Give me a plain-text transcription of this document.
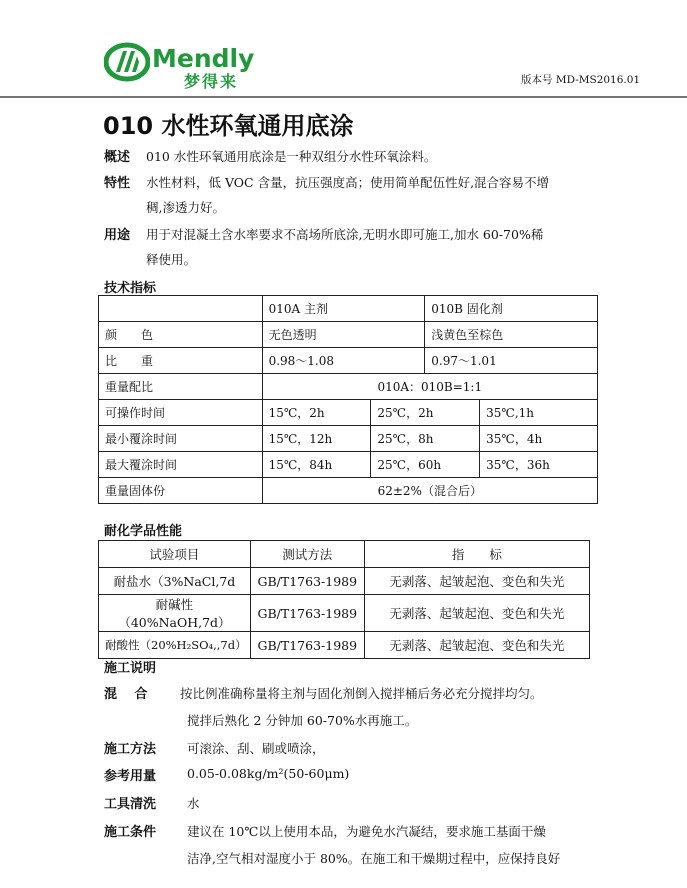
Mendly
梦得来	版本号 MD-MS2016.01
010 水性环氧通用底涂
概述 010 水性环氧通用底涂是一种双组分水性环氧涂料。
特性 水性材料，低 VOC 含量，抗压强度高；使用简单配伍性好,混合容易不增
稠,渗透力好。
用途 用于对混凝土含水率要求不高场所底涂,无明水即可施工,加水 60-70%稀
释使用。
技术指标
	010A 主剂		010B 固化剂	
颜　　色	无色透明		浅黄色至棕色	
比　　重	0.98～1.08		0.97～1.01	
重量配比	010A：010B=1:1			
可操作时间	15℃，2h	25℃，2h		35℃,1h
最小覆涂时间	15℃，12h	25℃，8h		35℃，4h
最大覆涂时间	15℃，84h	25℃，60h		35℃，36h
重量固体份	62±2%（混合后）			
耐化学品性能
试验项目	测试方法	指　　标
耐盐水（3%NaCl,7d	GB/T1763-1989	无剥落、起皱起泡、变色和失光
耐碱性（40%NaOH,7d）	GB/T1763-1989	无剥落、起皱起泡、变色和失光
耐酸性（20%H₂SO₄,,7d）	GB/T1763-1989	无剥落、起皱起泡、变色和失光
施工说明
混　 合	按比例准确称量将主剂与固化剂倒入搅拌桶后务必充分搅拌均匀。
搅拌后熟化 2 分钟加 60-70%水再施工。
施工方法 可滚涂、刮、刷或喷涂，
参考用量 0.05-0.08kg/m²(50-60μm)
工具清洗 水
施工条件 建议在 10℃以上使用本品，为避免水汽凝结，要求施工基面干燥
洁净,空气相对湿度小于 80%。在施工和干燥期过程中，应保持良好
